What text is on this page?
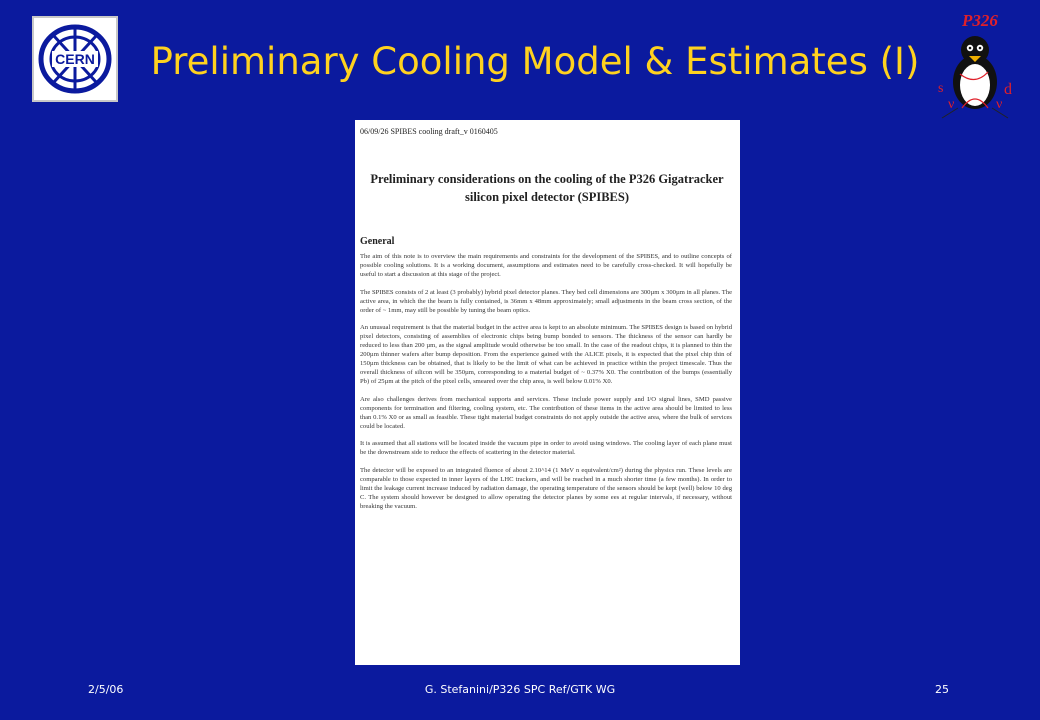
CERN	Preliminary Cooling Model & Estimates (I)
P326
s	d
ν	ν
06/09/26 SPIBES cooling draft_v 0160405
Preliminary considerations on the cooling of the P326 Gigatracker silicon pixel detector (SPIBES)
General

The aim of this note is to overview the main requirements and constraints for the development of the SPIBES, and to outline concepts of possible cooling solutions. It is a working document, assumptions and estimates need to be carefully cross-checked. It will hopefully be useful to start a discussion at this stage of the project.

The SPIBES consists of 2 at least (3 probably) hybrid pixel detector planes. They bed cell dimensions are 300µm x 300µm in all planes. The active area, in which the the beam is fully contained, is 36mm x 48mm approximately; small adjustments in the beam cross section, of the order of ~ 1mm, may still be possible by tuning the beam optics.

An unusual requirement is that the material budget in the active area is kept to an absolute minimum. The SPIBES design is based on hybrid pixel detectors, consisting of assemblies of electronic chips being bump bonded to sensors. The thickness of the sensor can hardly be reduced to less than 200 µm, as the signal amplitude would otherwise be too small. In the case of the readout chips, it is planned to thin the 200µm thinner wafers after bump deposition. From the experience gained with the ALICE pixels, it is expected that the pixel chip thin of 150µm thickness can be obtained, that is likely to be the limit of what can be achieved in practice within the project timescale. Thus the overall thickness of silicon will be 350µm, corresponding to a material budget of ~ 0.37% X0. The contribution of the bumps (essentially Pb) of 25µm at the pitch of the pixel cells, smeared over the chip area, is well below 0.01% X0.

Are also challenges derives from mechanical supports and services. These include power supply and I/O signal lines, SMD passive components for termination and filtering, cooling system, etc. The contribution of these items in the active area should be limited to less than 0.1% X0 or as small as feasible. These tight material budget constraints do not apply outside the active area, where the bulk of services could be located.

It is assumed that all stations will be located inside the vacuum pipe in order to avoid using windows. The cooling layer of each plane must be the downstream side to reduce the effects of scattering in the detector material.

The detector will be exposed to an integrated fluence of about 2.10^14 (1 MeV n equivalent/cm²) during the physics run. These levels are comparable to those expected in inner layers of the LHC trackers, and will be reached in a much shorter time (a few months). In order to limit the leakage current increase induced by radiation damage, the operating temperature of the sensors should be kept (well) below 10 deg C. The system should however be designed to allow operating the detector planes by some ees at regular intervals, if necessary, without breaking the vacuum.

2/5/06	G. Stefanini/P326 SPC Ref/GTK WG	25
